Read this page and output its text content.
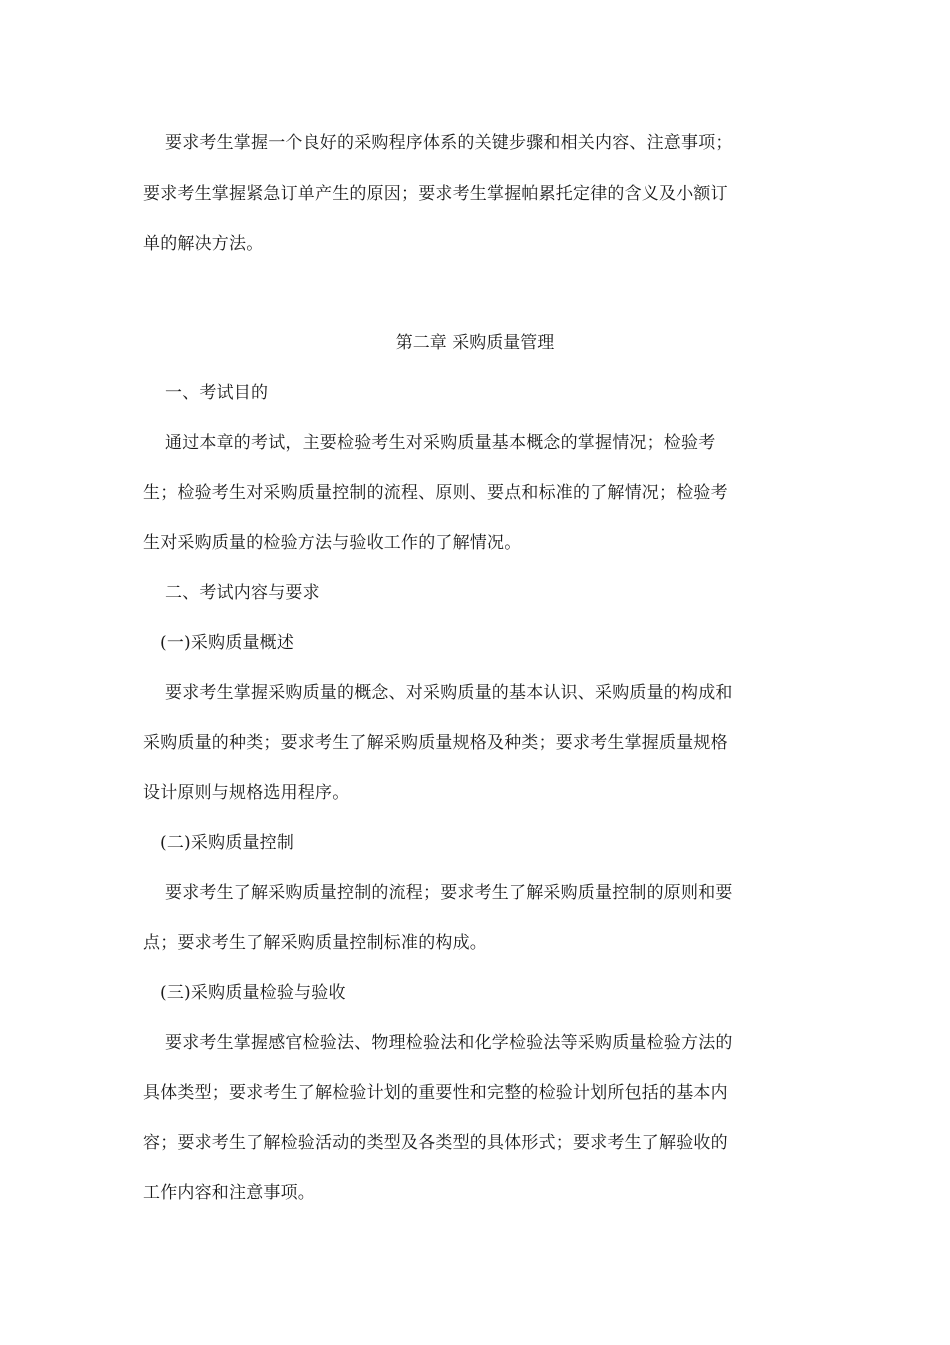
要求考生掌握一个良好的采购程序体系的关键步骤和相关内容、注意事项；
要求考生掌握紧急订单产生的原因；要求考生掌握帕累托定律的含义及小额订
单的解决方法。
第二章 采购质量管理
一、考试目的
通过本章的考试，主要检验考生对采购质量基本概念的掌握情况；检验考
生；检验考生对采购质量控制的流程、原则、要点和标准的了解情况；检验考
生对采购质量的检验方法与验收工作的了解情况。
二、考试内容与要求
(一)采购质量概述
要求考生掌握采购质量的概念、对采购质量的基本认识、采购质量的构成和
采购质量的种类；要求考生了解采购质量规格及种类；要求考生掌握质量规格
设计原则与规格选用程序。
(二)采购质量控制
要求考生了解采购质量控制的流程；要求考生了解采购质量控制的原则和要
点；要求考生了解采购质量控制标准的构成。
(三)采购质量检验与验收
要求考生掌握感官检验法、物理检验法和化学检验法等采购质量检验方法的
具体类型；要求考生了解检验计划的重要性和完整的检验计划所包括的基本内
容；要求考生了解检验活动的类型及各类型的具体形式；要求考生了解验收的
工作内容和注意事项。
